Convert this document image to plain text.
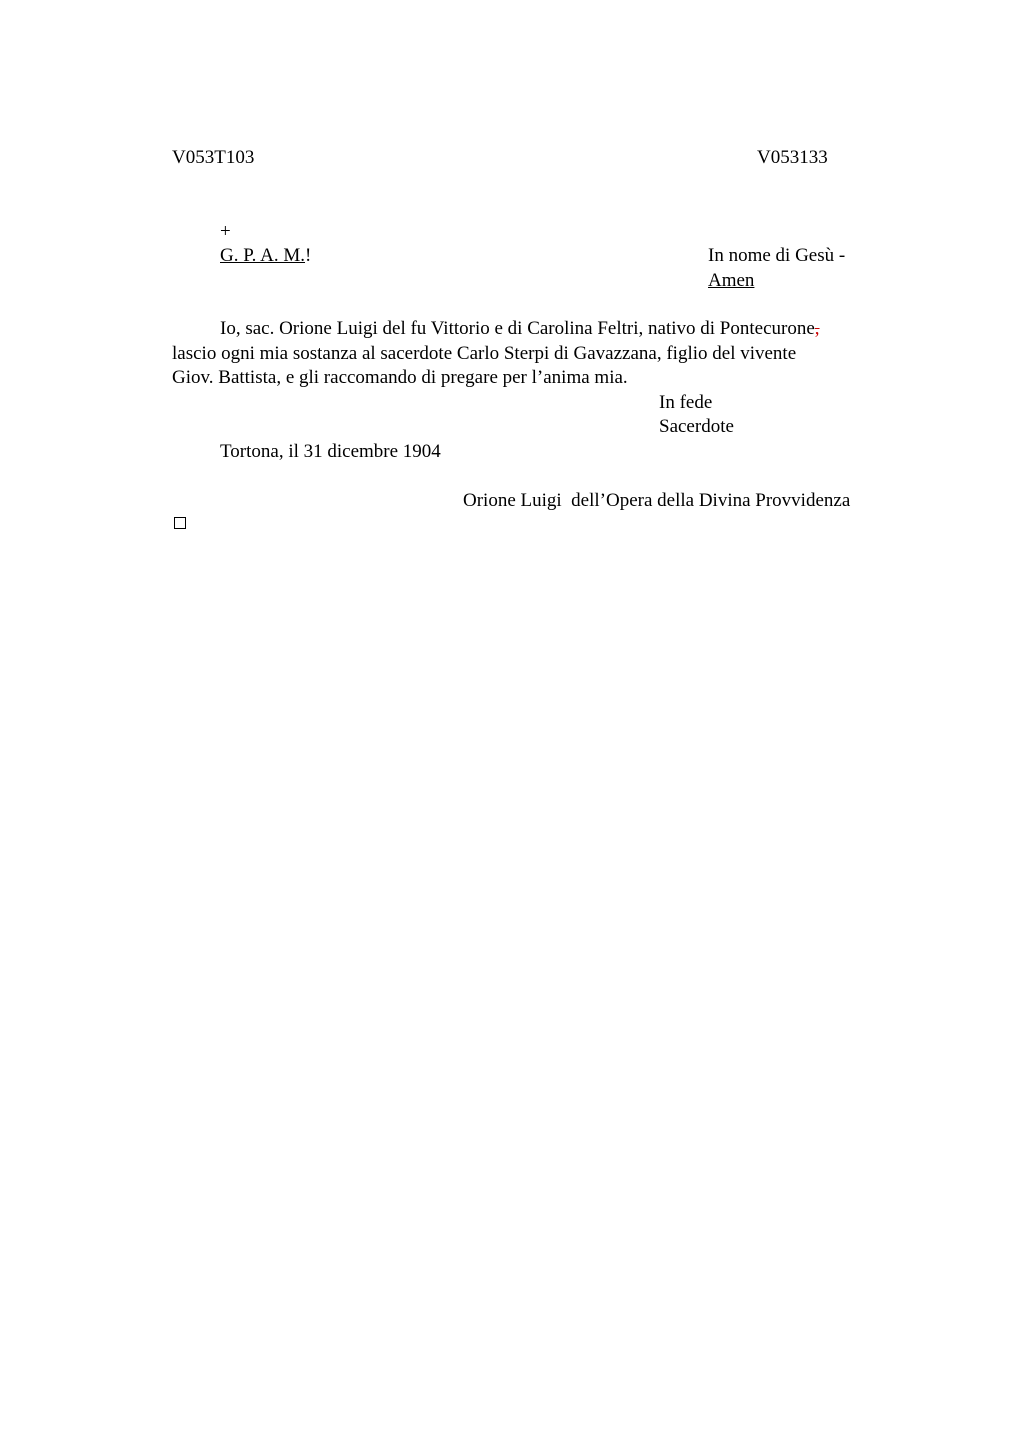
V053T103	V053133
+
G. P. A. M.!	In nome di Gesù -
Amen
Io, sac. Orione Luigi del fu Vittorio e di Carolina Feltri, nativo di Pontecurone,
lascio ogni mia sostanza al sacerdote Carlo Sterpi di Gavazzana, figlio del vivente
Giov. Battista, e gli raccomando di pregare per l’anima mia.
In fede
Sacerdote
Tortona, il 31 dicembre 1904
Orione Luigi  dell’Opera della Divina Provvidenza
